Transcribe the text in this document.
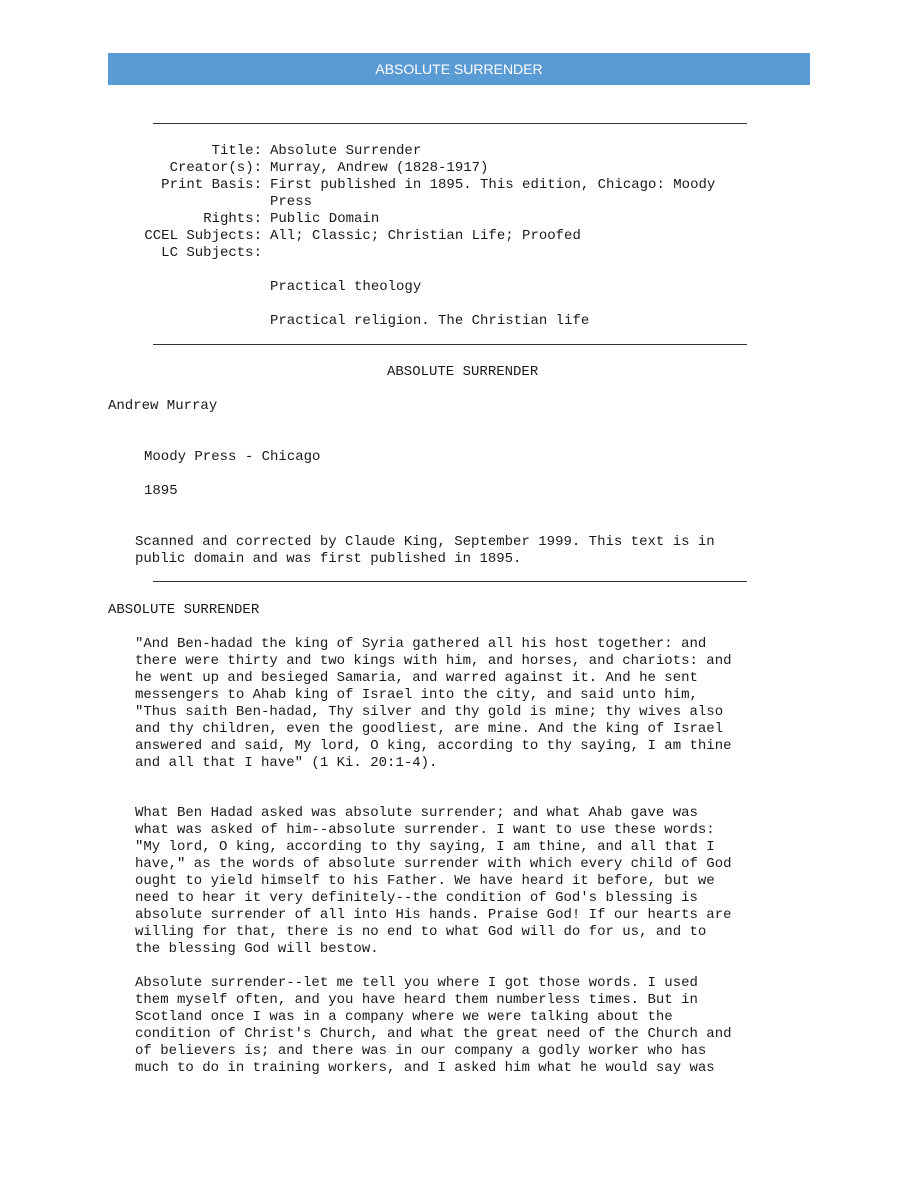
ABSOLUTE SURRENDER
Title: Absolute Surrender
Creator(s): Murray, Andrew (1828-1917)
Print Basis: First published in 1895. This edition, Chicago: Moody
Press
Rights: Public Domain
CCEL Subjects: All; Classic; Christian Life; Proofed
LC Subjects:
Practical theology
Practical religion. The Christian life
ABSOLUTE SURRENDER
Andrew Murray
Moody Press - Chicago
1895
Scanned and corrected by Claude King, September 1999. This text is in
public domain and was first published in 1895.
ABSOLUTE SURRENDER
"And Ben-hadad the king of Syria gathered all his host together: and
there were thirty and two kings with him, and horses, and chariots: and
he went up and besieged Samaria, and warred against it. And he sent
messengers to Ahab king of Israel into the city, and said unto him,
"Thus saith Ben-hadad, Thy silver and thy gold is mine; thy wives also
and thy children, even the goodliest, are mine. And the king of Israel
answered and said, My lord, O king, according to thy saying, I am thine
and all that I have" (1 Ki. 20:1-4).
What Ben Hadad asked was absolute surrender; and what Ahab gave was
what was asked of him--absolute surrender. I want to use these words:
"My lord, O king, according to thy saying, I am thine, and all that I
have," as the words of absolute surrender with which every child of God
ought to yield himself to his Father. We have heard it before, but we
need to hear it very definitely--the condition of God's blessing is
absolute surrender of all into His hands. Praise God! If our hearts are
willing for that, there is no end to what God will do for us, and to
the blessing God will bestow.
Absolute surrender--let me tell you where I got those words. I used
them myself often, and you have heard them numberless times. But in
Scotland once I was in a company where we were talking about the
condition of Christ's Church, and what the great need of the Church and
of believers is; and there was in our company a godly worker who has
much to do in training workers, and I asked him what he would say was
